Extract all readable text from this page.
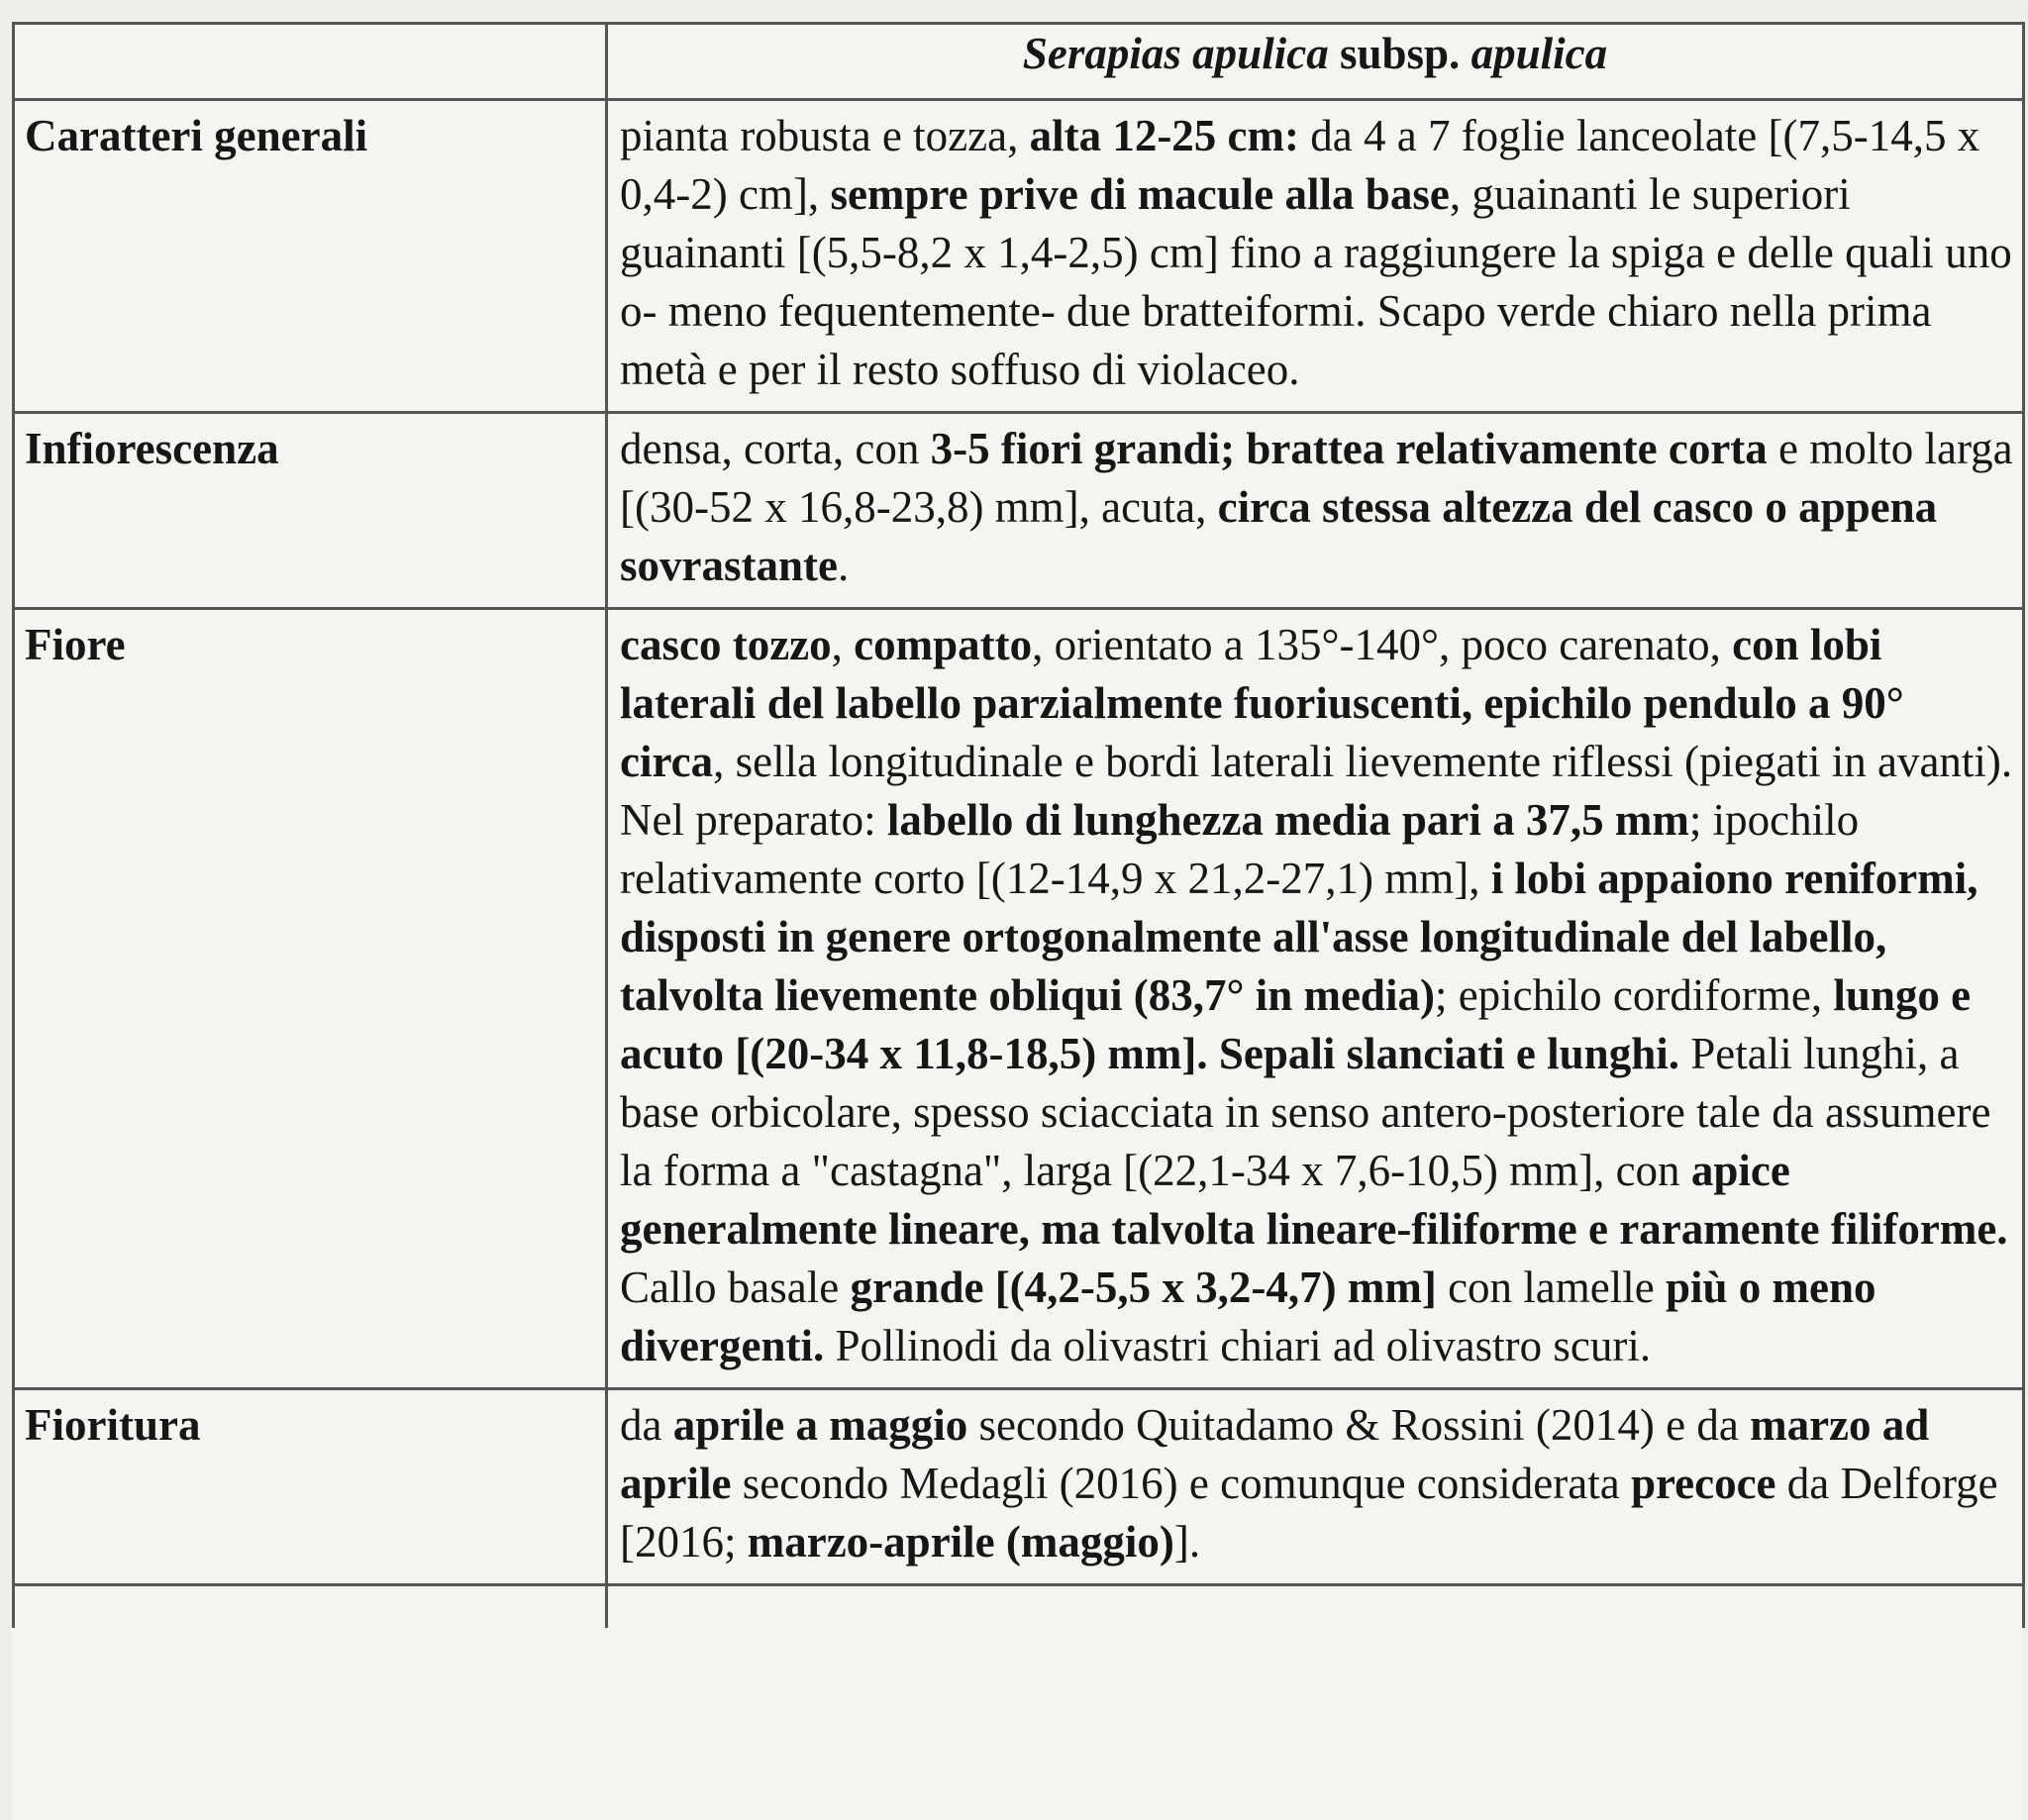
	Serapias apulica subsp. apulica
Caratteri generali	pianta robusta e tozza, alta 12-25 cm: da 4 a 7 foglie lanceolate [(7,5-14,5 x 0,4-2) cm], sempre prive di macule alla base, guainanti le superiori guainanti [(5,5-8,2 x 1,4-2,5) cm] fino a raggiungere la spiga e delle quali uno o- meno fequentemente- due bratteiformi. Scapo verde chiaro nella prima metà e per il resto soffuso di violaceo.
Infiorescenza	densa, corta, con 3-5 fiori grandi; brattea relativamente corta e molto larga [(30-52 x 16,8-23,8) mm], acuta, circa stessa altezza del casco o appena sovrastante.
Fiore	casco tozzo, compatto, orientato a 135°-140°, poco carenato, con lobi laterali del labello parzialmente fuoriuscenti, epichilo pendulo a 90° circa, sella longitudinale e bordi laterali lievemente riflessi (piegati in avanti). Nel preparato: labello di lunghezza media pari a 37,5 mm; ipochilo relativamente corto [(12-14,9 x 21,2-27,1) mm], i lobi appaiono reniformi, disposti in genere ortogonalmente all'asse longitudinale del labello, talvolta lievemente obliqui (83,7° in media); epichilo cordiforme, lungo e acuto [(20-34 x 11,8-18,5) mm]. Sepali slanciati e lunghi. Petali lunghi, a base orbicolare, spesso sciacciata in senso antero-posteriore tale da assumere la forma a "castagna", larga [(22,1-34 x 7,6-10,5) mm], con apice generalmente lineare, ma talvolta lineare-filiforme e raramente filiforme. Callo basale grande [(4,2-5,5 x 3,2-4,7) mm] con lamelle più o meno divergenti. Pollinodi da olivastri chiari ad olivastro scuri.
Fioritura	da aprile a maggio secondo Quitadamo & Rossini (2014) e da marzo ad aprile secondo Medagli (2016) e comunque considerata precoce da Delforge [2016; marzo-aprile (maggio)].
